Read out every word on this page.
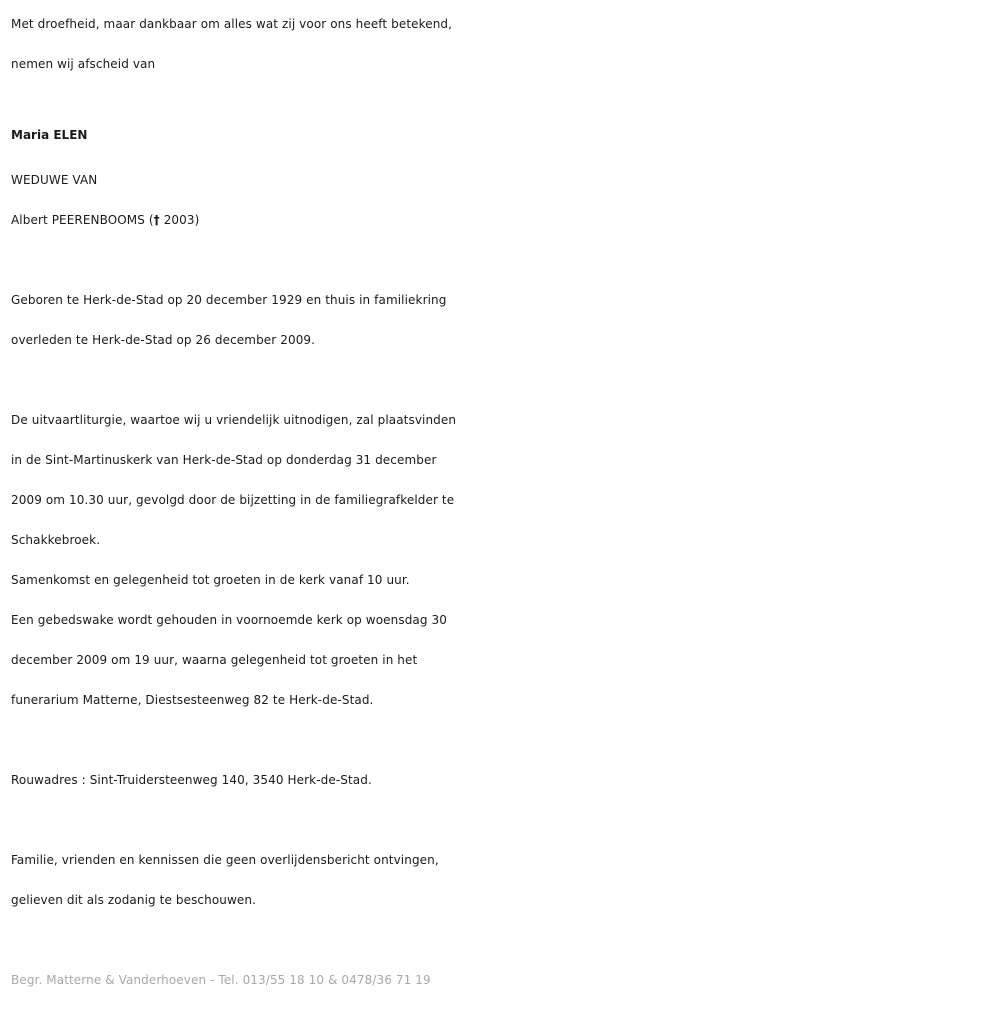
Met droefheid, maar dankbaar om alles wat zij voor ons heeft betekend,
nemen wij afscheid van
Maria ELEN
WEDUWE VAN
Albert PEERENBOOMS († 2003)
Geboren te Herk-de-Stad op 20 december 1929 en thuis in familiekring
overleden te Herk-de-Stad op 26 december 2009.
De uitvaartliturgie, waartoe wij u vriendelijk uitnodigen, zal plaatsvinden
in de Sint-Martinuskerk van Herk-de-Stad op donderdag 31 december
2009 om 10.30 uur, gevolgd door de bijzetting in de familiegrafkelder te
Schakkebroek.
Samenkomst en gelegenheid tot groeten in de kerk vanaf 10 uur.
Een gebedswake wordt gehouden in voornoemde kerk op woensdag 30
december 2009 om 19 uur, waarna gelegenheid tot groeten in het
funerarium Matterne, Diestsesteenweg 82 te Herk-de-Stad.
Rouwadres : Sint-Truidersteenweg 140, 3540 Herk-de-Stad.
Familie, vrienden en kennissen die geen overlijdensbericht ontvingen,
gelieven dit als zodanig te beschouwen.
Begr. Matterne & Vanderhoeven - Tel. 013/55 18 10 & 0478/36 71 19
